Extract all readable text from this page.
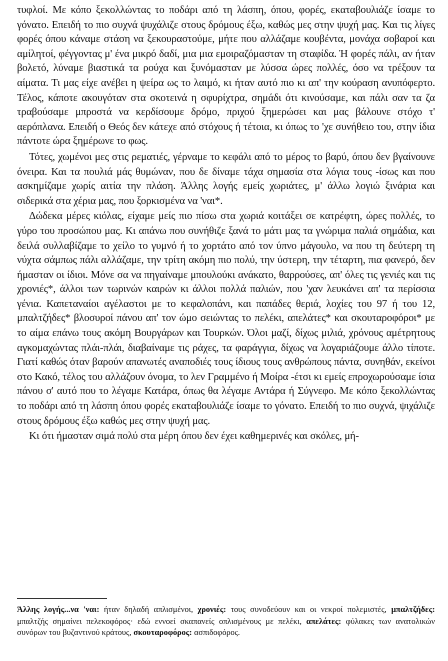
τυφλοί. Με κόπο ξεκολλώντας το ποδάρι από τη λάσπη, όπου, φορές, εκαταβουλιάζε ίσαμε το γόνατο. Επειδή το πιο συχνά ψυχάλιζε στους δρόμους έξω, καθώς μες στην ψυχή μας. Και τις λίγες φορές όπου κάναμε στάση να ξεκουραστούμε, μήτε που αλλάζαμε κουβέντα, μονάχα σοβαροί και αμίλητοί, φέγγοντας μ' ένα μικρό δαδί, μια μια εμοιραζόμασταν τη σταφίδα. Ή φορές πάλι, αν ήταν βολετό, λύναμε βιαστικά τα ρούχα και ξυνόμασταν με λύσσα ώρες πολλές, όσο να τρέξουν τα αίματα. Τι μας είχε ανέβει η ψείρα ως το λαιμό, κι ήταν αυτό πιο κι απ' την κούραση ανυπόφερτο. Τέλος, κάποτε ακουγόταν στα σκοτεινά η σφυρίχτρα, σημάδι ότι κινούσαμε, και πάλι σαν τα ζα τραβούσαμε μπροστά να κερδίσουμε δρόμο, πριχού ξημερώσει και μας βάλουνε στόχο τ' αερόπλανα. Επειδή ο Θεός δεν κάτεχε από στόχους ή τέτοια, κι όπως το 'χε συνήθειο του, στην ίδια πάντοτε ώρα ξημέρωνε το φως.

Τότες, χωμένοι μες στις ρεματιές, γέρναμε το κεφάλι από το μέρος το βαρύ, όπου δεν βγαίνουνε όνειρα. Και τα πουλιά μάς θυμώναν, που δε δίναμε τάχα σημασία στα λόγια τους -ίσως και που ασκημίζαμε χωρίς αιτία την πλάση. Άλλης λογής εμείς χωριάτες, μ' άλλω λογιώ ξινάρια και σιδερικά στα χέρια μας, που ξορκισμένα να 'ναι*.

Δώδεκα μέρες κιόλας, είχαμε μείς πιο πίσω στα χωριά κοιτάξει σε κατρέφτη, ώρες πολλές, το γύρο του προσώπου μας. Κι απάνω που συνήθιζε ξανά το μάτι μας τα γνώριμα παλιά σημάδια, και δειλά συλλαβίζαμε το χείλο το γυμνό ή το χορτάτο από τον ύπνο μάγουλο, να που τη δεύτερη τη νύχτα σάμπως πάλι αλλάζαμε, την τρίτη ακόμη πιο πολύ, την ύστερη, την τέταρτη, πια φανερό, δεν ήμασταν οι ίδιοι. Μόνε σα να πηγαίναμε μπουλούκι ανάκατο, θαρρούσες, απ' όλες τις γενιές και τις χρονιές*, άλλοι των τωρινών καιρών κι άλλοι πολλά παλιών, που 'χαν λευκάνει απ' τα περίσσια γένια. Καπεταναίοι αγέλαστοι με το κεφαλοπάνι, και παπάδες θεριά, λοχίες του 97 ή του 12, μπαλτζήδες* βλοσυροί πάνου απ' τον ώμο σειώντας το πελέκι, απελάτες* και σκουταροφόροι* με το αίμα επάνω τους ακόμη Βουργάρων και Τουρκών. Όλοι μαζί, δίχως μιλιά, χρόνους αμέτρητους αγκομαχώντας πλάι-πλάι, διαβαίναμε τις ράχες, τα φαράγγια, δίχως να λογαριάζουμε άλλο τίποτε. Γιατί καθώς όταν βαρούν απανωτές αναποδιές τους ίδιους τους ανθρώπους πάντα, συνηθάν, εκείνοι στο Κακό, τέλος του αλλάζουν όνομα, το λεν Γραμμένο ή Μοίρα -έτσι κι εμείς επροχωρούσαμε ίσια πάνου σ' αυτό που το λέγαμε Κατάρα, όπως θα λέγαμε Αντάρα ή Σύγνεφο. Με κόπο ξεκολλώντας το ποδάρι από τη λάσπη όπου φορές εκαταβουλιάζε ίσαμε το γόνατο. Επειδή το πιο συχνά, ψιχάλιζε στους δρόμους έξω καθώς μες στην ψυχή μας.

Κι ότι ήμασταν σιμά πολύ στα μέρη όπου δεν έχει καθημερινές και σκόλες, μή-

Άλλης λογής...να 'ναι: ήταν δηλαδή απλισμένοι, χρονιές: τους συνοδεύουν και οι νεκροί πολεμιστές, μπαλτζήδες: μπαλτζής σημαίνει πελεκοφόρος· εδώ εννοεί σκαπανείς οπλισμένους με πελέκι, απελάτες: φύλακες των ανατολικών συνόρων του βυζαντινού κράτους, σκουταροφόρος: ασπιδοφόρος.
